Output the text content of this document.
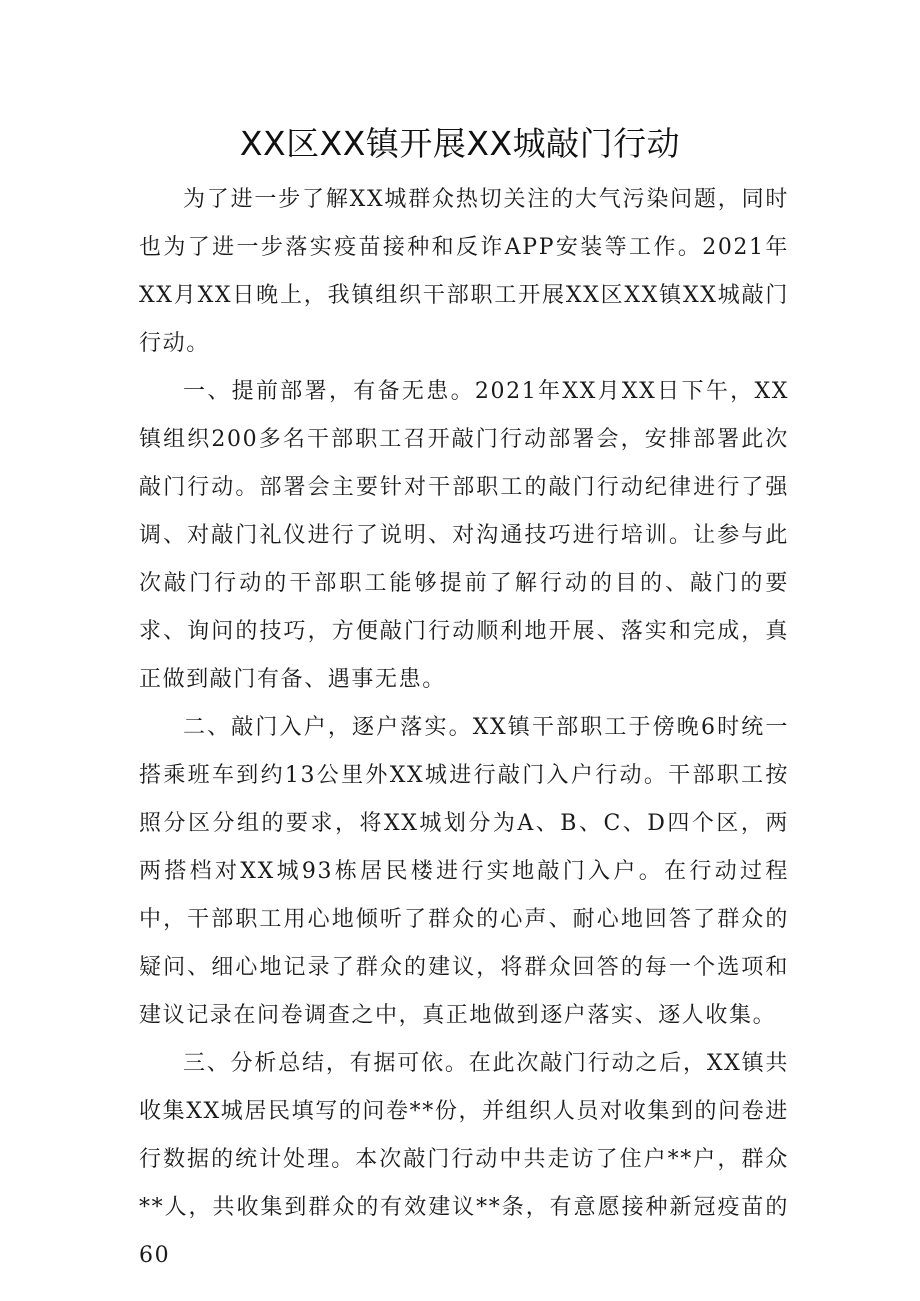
XX区XX镇开展XX城敲门行动

为了进一步了解XX城群众热切关注的大气污染问题，同时也为了进一步落实疫苗接种和反诈APP安装等工作。2021年XX月XX日晚上，我镇组织干部职工开展XX区XX镇XX城敲门行动。

一、提前部署，有备无患。2021年XX月XX日下午，XX镇组织200多名干部职工召开敲门行动部署会，安排部署此次敲门行动。部署会主要针对干部职工的敲门行动纪律进行了强调、对敲门礼仪进行了说明、对沟通技巧进行培训。让参与此次敲门行动的干部职工能够提前了解行动的目的、敲门的要求、询问的技巧，方便敲门行动顺利地开展、落实和完成，真正做到敲门有备、遇事无患。

二、敲门入户，逐户落实。XX镇干部职工于傍晚6时统一搭乘班车到约13公里外XX城进行敲门入户行动。干部职工按照分区分组的要求，将XX城划分为A、B、C、D四个区，两两搭档对XX城93栋居民楼进行实地敲门入户。在行动过程中，干部职工用心地倾听了群众的心声、耐心地回答了群众的疑问、细心地记录了群众的建议，将群众回答的每一个选项和建议记录在问卷调查之中，真正地做到逐户落实、逐人收集。

三、分析总结，有据可依。在此次敲门行动之后，XX镇共收集XX城居民填写的问卷**份，并组织人员对收集到的问卷进行数据的统计处理。本次敲门行动中共走访了住户**户，群众**人，共收集到群众的有效建议**条，有意愿接种新冠疫苗的60
